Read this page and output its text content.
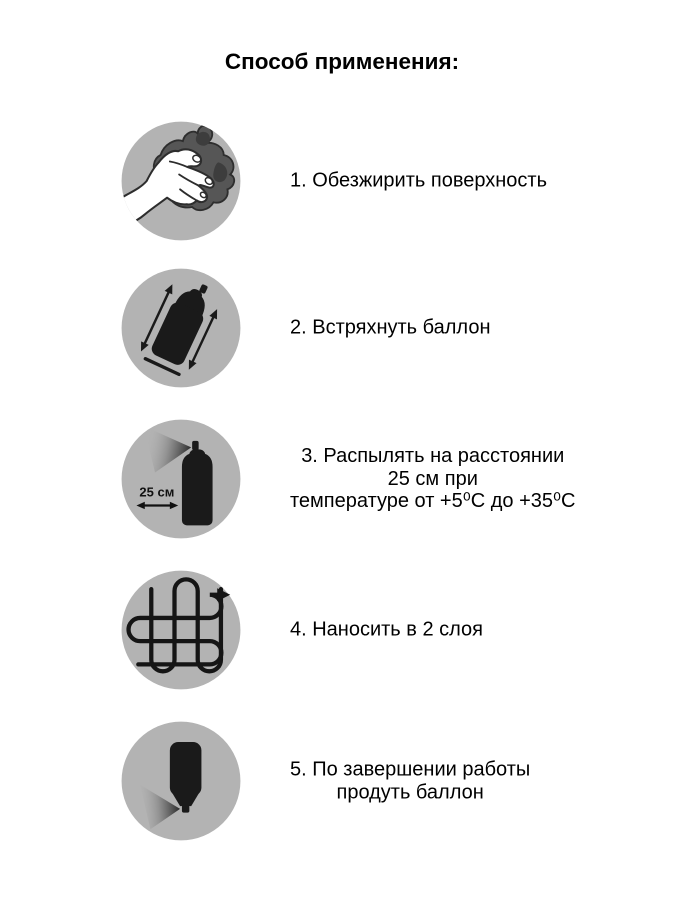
Способ применения:
1. Обезжирить поверхность
2. Встряхнуть баллон
25 см
3. Распылять на расстоянии
25 см при
температуре от +5⁰С до +35⁰С
4. Наносить в 2 слоя
5. По завершении работы
продуть баллон
